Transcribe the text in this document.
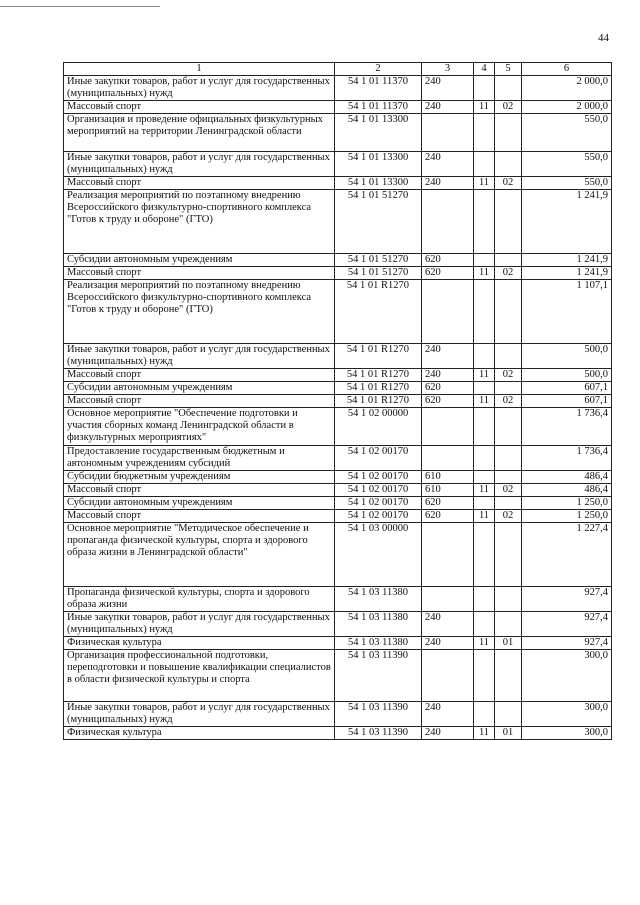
44
1	2	3	4	5	6
Иные закупки товаров, работ и услуг для государственных (муниципальных) нужд	54 1 01 11370	240			2 000,0
Массовый спорт	54 1 01 11370	240	11	02	2 000,0
Организация и проведение официальных физкультурных мероприятий на территории Ленинградской области	54 1 01 13300				550,0
Иные закупки товаров, работ и услуг для государственных (муниципальных) нужд	54 1 01 13300	240			550,0
Массовый спорт	54 1 01 13300	240	11	02	550,0
Реализация мероприятий по поэтапному внедрению Всероссийского физкультурно-спортивного комплекса "Готов к труду и обороне" (ГТО)	54 1 01 51270				1 241,9
Субсидии автономным учреждениям	54 1 01 51270	620			1 241,9
Массовый спорт	54 1 01 51270	620	11	02	1 241,9
Реализация мероприятий по поэтапному внедрению Всероссийского физкультурно-спортивного комплекса "Готов к труду и обороне" (ГТО)	54 1 01 R1270				1 107,1
Иные закупки товаров, работ и услуг для государственных (муниципальных) нужд	54 1 01 R1270	240			500,0
Массовый спорт	54 1 01 R1270	240	11	02	500,0
Субсидии автономным учреждениям	54 1 01 R1270	620			607,1
Массовый спорт	54 1 01 R1270	620	11	02	607,1
Основное мероприятие "Обеспечение подготовки и участия сборных команд Ленинградской области в физкультурных мероприятиях"	54 1 02 00000				1 736,4
Предоставление государственным бюджетным и автономным учреждениям субсидий	54 1 02 00170				1 736,4
Субсидии бюджетным учреждениям	54 1 02 00170	610			486,4
Массовый спорт	54 1 02 00170	610	11	02	486,4
Субсидии автономным учреждениям	54 1 02 00170	620			1 250,0
Массовый спорт	54 1 02 00170	620	11	02	1 250,0
Основное мероприятие "Методическое обеспечение и пропаганда физической культуры, спорта и здорового образа жизни в Ленинградской области"	54 1 03 00000				1 227,4
Пропаганда физической культуры, спорта и здорового образа жизни	54 1 03 11380				927,4
Иные закупки товаров, работ и услуг для государственных (муниципальных) нужд	54 1 03 11380	240			927,4
Физическая культура	54 1 03 11380	240	11	01	927,4
Организация профессиональной подготовки, переподготовки и повышение квалификации специалистов в области физической культуры и спорта	54 1 03 11390				300,0
Иные закупки товаров, работ и услуг для государственных (муниципальных) нужд	54 1 03 11390	240			300,0
Физическая культура	54 1 03 11390	240	11	01	300,0
